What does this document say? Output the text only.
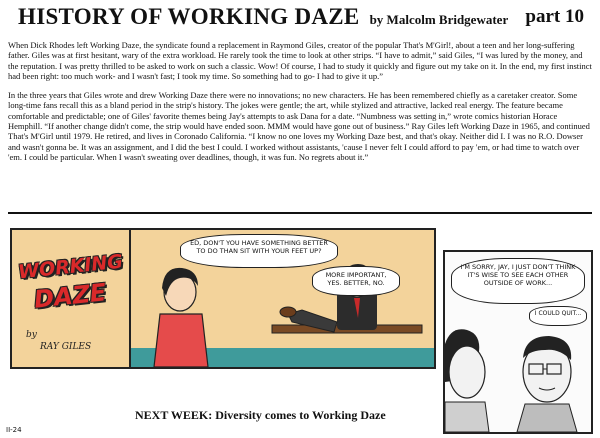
HISTORY OF WORKING DAZE by Malcolm Bridgewater part 10

When Dick Rhodes left Working Daze, the syndicate found a replacement in Raymond Giles, creator of the popular That's M'Girl!, about a teen and her long-suffering father. Giles was at first hesitant, wary of the extra workload. He rarely took the time to look at other strips. “I have to admit,” said Giles, “I was lured by the money, and the reputation. I was pretty thrilled to be asked to work on such a classic. Wow! Of course, I had to study it quickly and figure out my take on it. In the end, my first instinct had been right: too much work- and I wasn't fast; I took my time. So something had to go- I had to give it up.”

In the three years that Giles wrote and drew Working Daze there were no innovations; no new characters. He has been remembered chiefly as a caretaker creator. Some long-time fans recall this as a bland period in the strip's history. The jokes were gentle; the art, while stylized and attractive, lacked real energy. The feature became comfortable and predictable; one of Giles' favorite themes being Jay's attempts to ask Dana for a date. “Numbness was setting in,” wrote comics historian Horace Hemphill. “If another change didn't come, the strip would have ended soon. MMM would have gone out of business.” Ray Giles left Working Daze in 1965, and continued That's M'Girl until 1979. He retired, and lives in Coronado California. “I know no one loves my Working Daze best, and that's okay. Neither did I. I was no R.O. Dowser and wasn't gonna be. It was an assignment, and I did the best I could. I worked without assistants, 'cause I never felt I could afford to pay 'em, or had time to watch over 'em. I could be particular. When I wasn't sweating over deadlines, though, it was fun. No regrets about it.”

WORKING
DAZE
by
RAY GILES
ED, DON'T YOU HAVE SOMETHING BETTER TO DO THAN SIT WITH YOUR FEET UP?
MORE IMPORTANT, YES. BETTER, NO.
I'M SORRY, JAY, I JUST DON'T THINK IT'S WISE TO SEE EACH OTHER OUTSIDE OF WORK...
I COULD QUIT...
NEXT WEEK: Diversity comes to Working Daze
II-24
